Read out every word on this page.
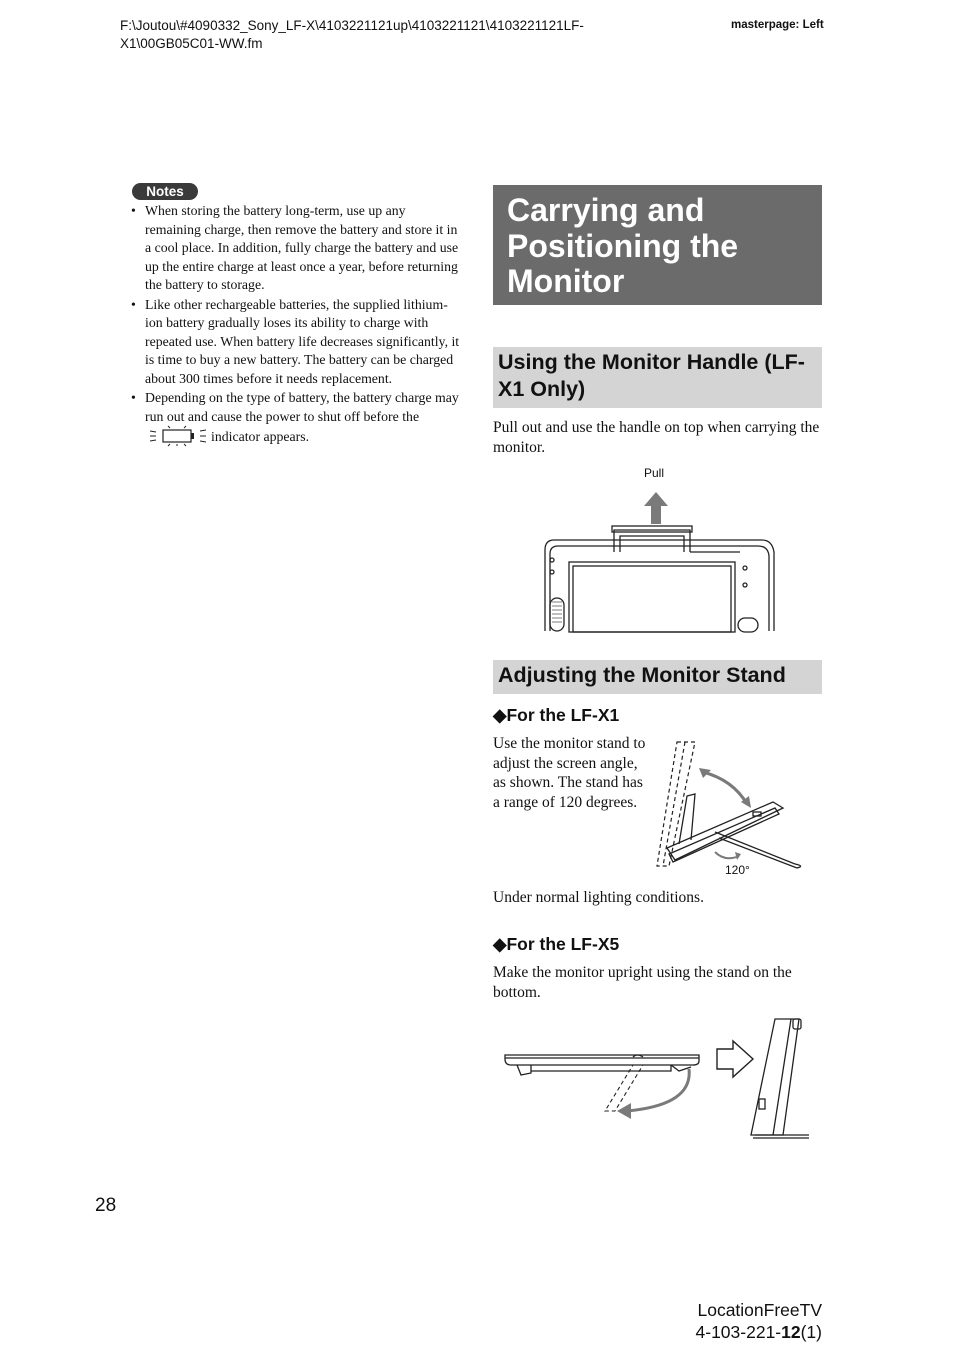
F:\Joutou\#4090332_Sony_LF-X\4103221121up\4103221121\4103221121LF-X1\00GB05C01-WW.fm
masterpage: Left
Notes
• When storing the battery long-term, use up any remaining charge, then remove the battery and store it in a cool place. In addition, fully charge the battery and use up the entire charge at least once a year, before returning the battery to storage.
• Like other rechargeable batteries, the supplied lithium-ion battery gradually loses its ability to charge with repeated use. When battery life decreases significantly, it is time to buy a new battery. The battery can be charged about 300 times before it needs replacement.
• Depending on the type of battery, the battery charge may run out and cause the power to shut off before theindicator appears.
Carrying and Positioning the Monitor
Using the Monitor Handle (LF-X1 Only)
Pull out and use the handle on top when carrying the monitor.
Pull
Adjusting the Monitor Stand
◆For the LF-X1
Use the monitor stand to adjust the screen angle, as shown. The stand has a range of 120 degrees.
120°
Under normal lighting conditions.
◆For the LF-X5
Make the monitor upright using the stand on the bottom.
28
LocationFreeTV
4-103-221-12(1)
